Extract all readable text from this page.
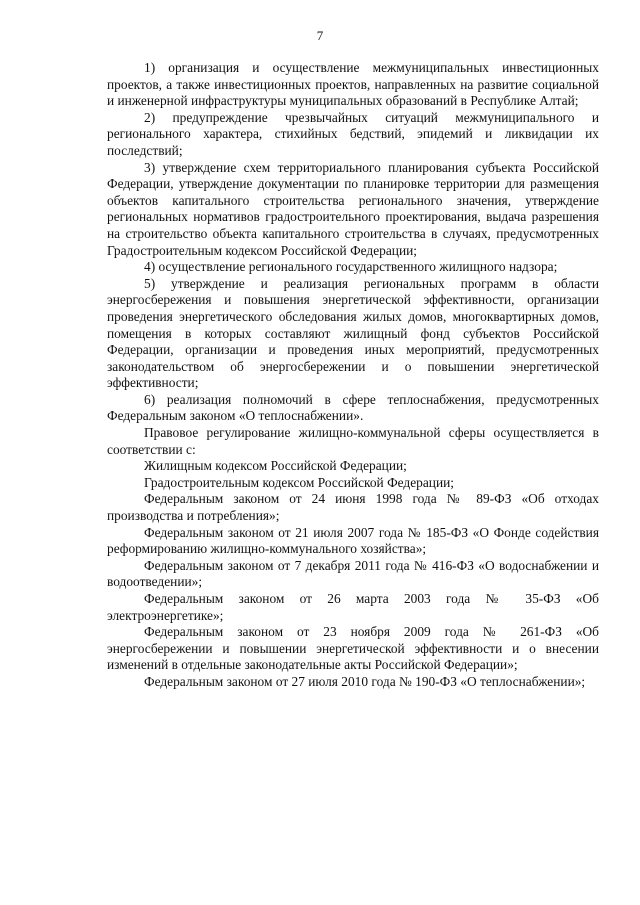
7

1) организация и осуществление межмуниципальных инвестиционных проектов, а также инвестиционных проектов, направленных на развитие социальной и инженерной инфраструктуры муниципальных образований в Республике Алтай;

2) предупреждение чрезвычайных ситуаций межмуниципального и регионального характера, стихийных бедствий, эпидемий и ликвидации их последствий;

3) утверждение схем территориального планирования субъекта Российской Федерации, утверждение документации по планировке территории для размещения объектов капитального строительства регионального значения, утверждение региональных нормативов градостроительного проектирования, выдача разрешения на строительство объекта капитального строительства в случаях, предусмотренных Градостроительным кодексом Российской Федерации;

4) осуществление регионального государственного жилищного надзора;

5) утверждение и реализация региональных программ в области энергосбережения и повышения энергетической эффективности, организации проведения энергетического обследования жилых домов, многоквартирных домов, помещения в которых составляют жилищный фонд субъектов Российской Федерации, организации и проведения иных мероприятий, предусмотренных законодательством об энергосбережении и о повышении энергетической эффективности;

6) реализация полномочий в сфере теплоснабжения, предусмотренных Федеральным законом «О теплоснабжении».

Правовое регулирование жилищно-коммунальной сферы осуществляется в соответствии с:

Жилищным кодексом Российской Федерации;

Градостроительным кодексом Российской Федерации;

Федеральным законом от 24 июня 1998 года № 89-ФЗ «Об отходах производства и потребления»;

Федеральным законом от 21 июля 2007 года № 185-ФЗ «О Фонде содействия реформированию жилищно-коммунального хозяйства»;

Федеральным законом от 7 декабря 2011 года № 416-ФЗ «О водоснабжении и водоотведении»;

Федеральным законом от 26 марта 2003 года № 35-ФЗ «Об электроэнергетике»;

Федеральным законом от 23 ноября 2009 года № 261-ФЗ «Об энергосбережении и повышении энергетической эффективности и о внесении изменений в отдельные законодательные акты Российской Федерации»;

Федеральным законом от 27 июля 2010 года № 190-ФЗ «О теплоснабжении»;
